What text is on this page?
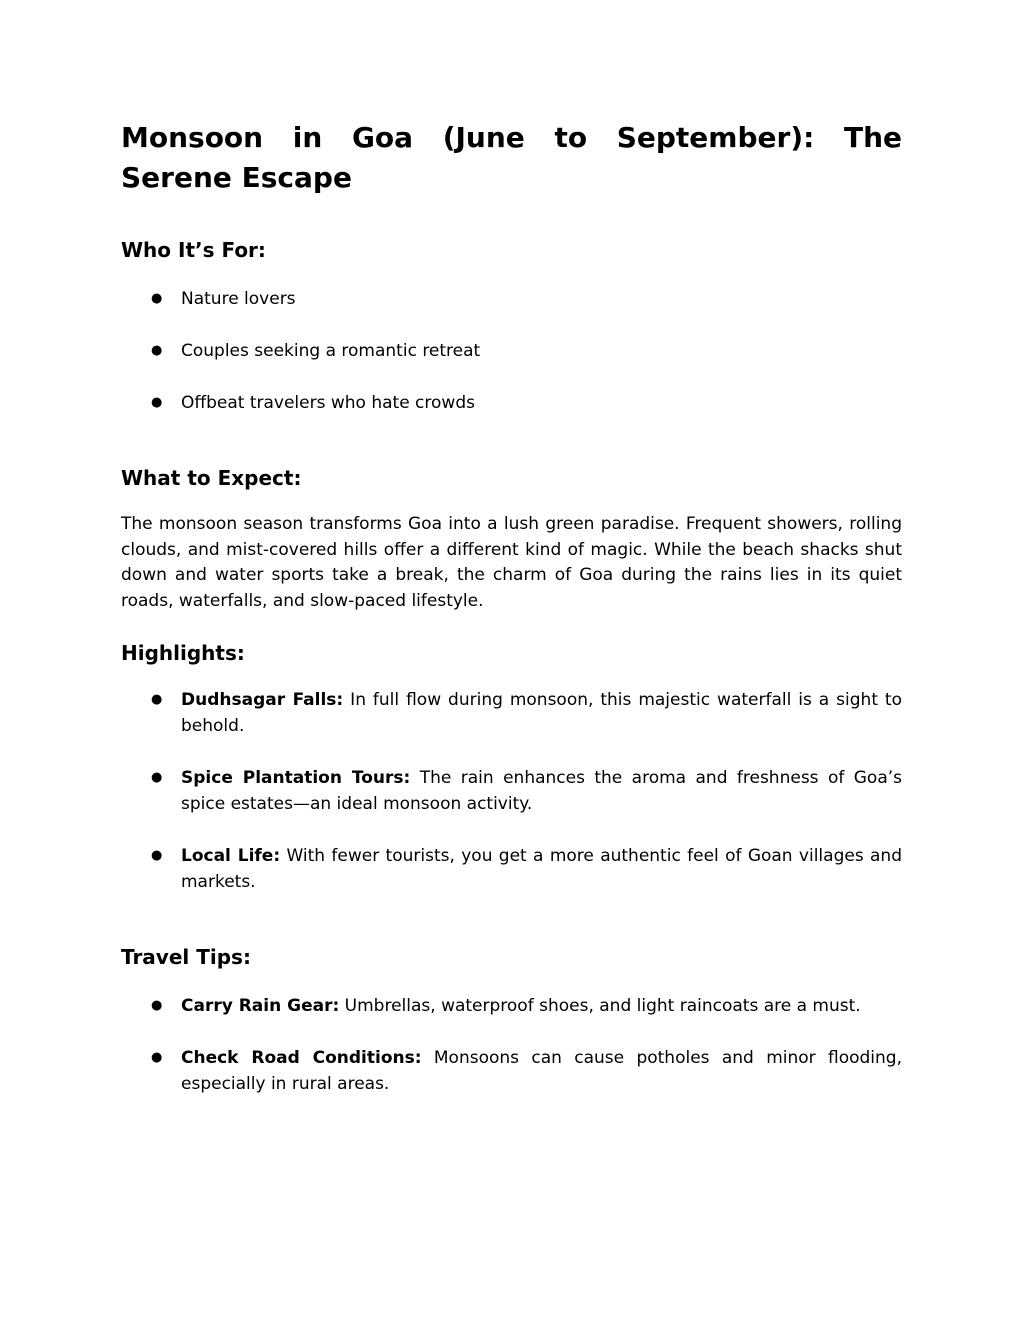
Monsoon in Goa (June to September): The Serene Escape
Who It’s For:
● Nature lovers
● Couples seeking a romantic retreat
● Offbeat travelers who hate crowds
What to Expect:

The monsoon season transforms Goa into a lush green paradise. Frequent showers, rolling clouds, and mist-covered hills offer a different kind of magic. While the beach shacks shut down and water sports take a break, the charm of Goa during the rains lies in its quiet roads, waterfalls, and slow-paced lifestyle.

Highlights:
● Dudhsagar Falls: In full flow during monsoon, this majestic waterfall is a sight to behold.
● Spice Plantation Tours: The rain enhances the aroma and freshness of Goa’s spice estates—an ideal monsoon activity.
● Local Life: With fewer tourists, you get a more authentic feel of Goan villages and markets.
Travel Tips:
● Carry Rain Gear: Umbrellas, waterproof shoes, and light raincoats are a must.
● Check Road Conditions: Monsoons can cause potholes and minor flooding, especially in rural areas.
